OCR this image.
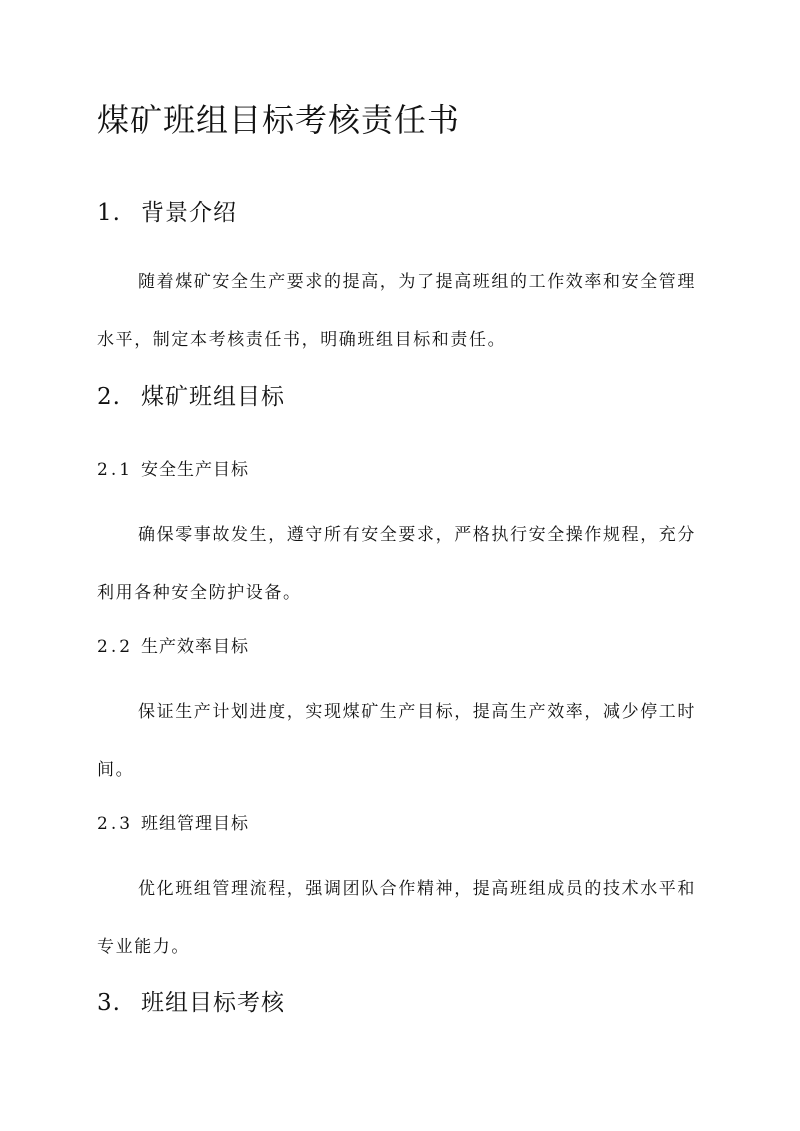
煤矿班组目标考核责任书
1. 背景介绍

随着煤矿安全生产要求的提高，为了提高班组的工作效率和安全管理水平，制定本考核责任书，明确班组目标和责任。

2. 煤矿班组目标
2.1 安全生产目标

确保零事故发生，遵守所有安全要求，严格执行安全操作规程，充分利用各种安全防护设备。

2.2 生产效率目标

保证生产计划进度，实现煤矿生产目标，提高生产效率，减少停工时间。

2.3 班组管理目标

优化班组管理流程，强调团队合作精神，提高班组成员的技术水平和专业能力。

3. 班组目标考核
